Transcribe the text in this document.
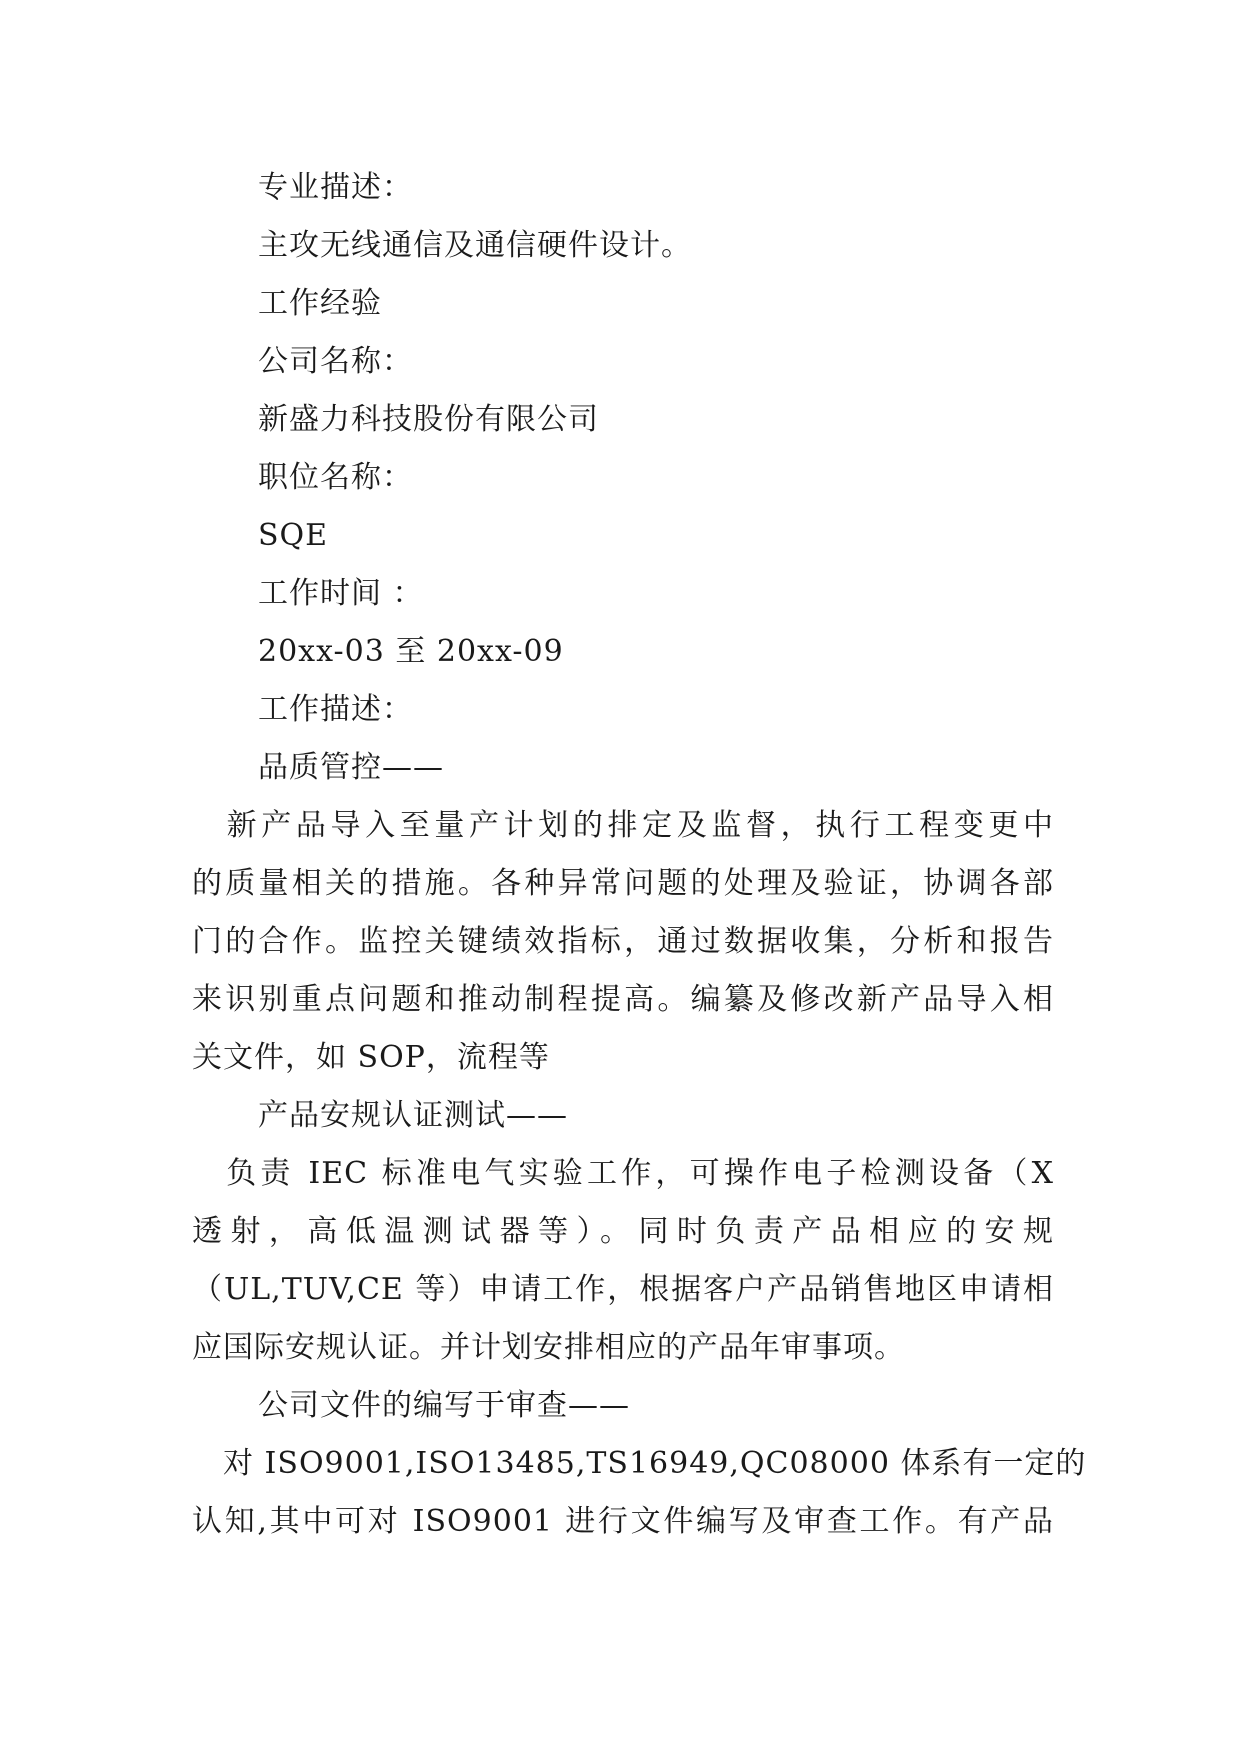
专业描述：
主攻无线通信及通信硬件设计。
工作经验
公司名称：
新盛力科技股份有限公司
职位名称：
SQE
工作时间 ：
20xx-03 至 20xx-09
工作描述：
品质管控——
　新产品导入至量产计划的排定及监督，执行工程变更中
的质量相关的措施。各种异常问题的处理及验证，协调各部
门的合作。监控关键绩效指标，通过数据收集，分析和报告
来识别重点问题和推动制程提高。编纂及修改新产品导入相
关文件，如 SOP，流程等
产品安规认证测试——
　负责 IEC 标准电气实验工作，可操作电子检测设备（X
透射，高低温测试器等）。同时负责产品相应的安规
（UL,TUV,CE 等）申请工作，根据客户产品销售地区申请相
应国际安规认证。并计划安排相应的产品年审事项。
公司文件的编写于审查——
　对 ISO9001,ISO13485,TS16949,QC08000 体系有一定的
认知,其中可对 ISO9001 进行文件编写及审查工作。有产品
